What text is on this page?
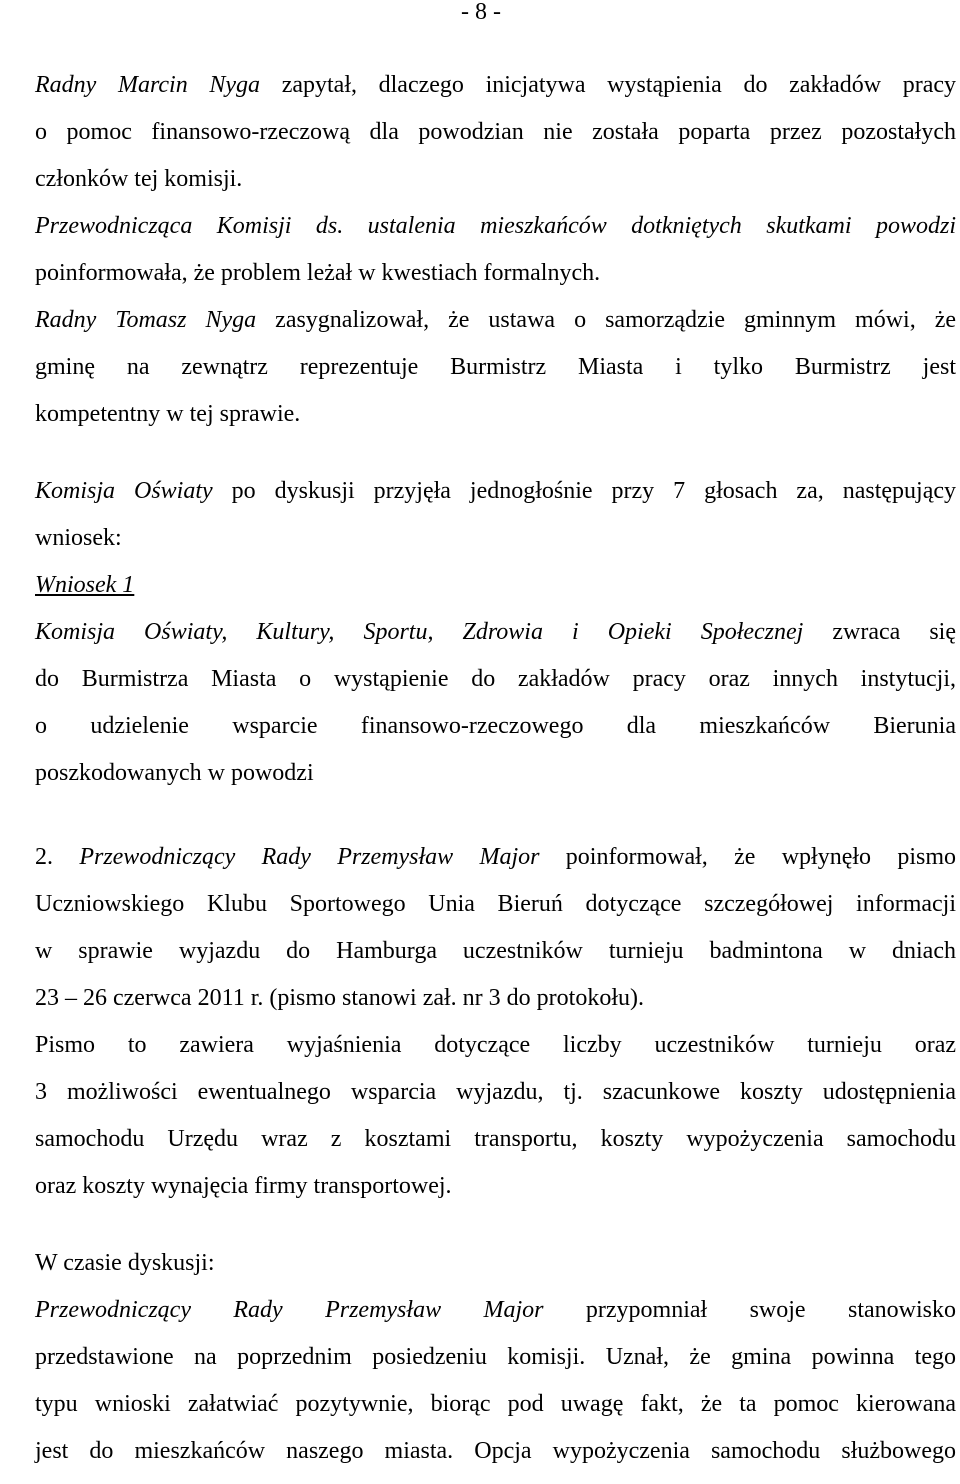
- 8 -

Radny Marcin Nyga zapytał, dlaczego inicjatywa wystąpienia do zakładów pracy

o pomoc finansowo-rzeczową dla powodzian nie została poparta przez pozostałych

członków tej komisji.

Przewodnicząca Komisji ds. ustalenia mieszkańców dotkniętych skutkami powodzi

poinformowała, że problem leżał w kwestiach formalnych.

Radny Tomasz Nyga zasygnalizował, że ustawa o samorządzie gminnym mówi, że

gminę na zewnątrz reprezentuje Burmistrz Miasta i tylko Burmistrz jest

kompetentny w tej sprawie.

Komisja Oświaty po dyskusji przyjęła jednogłośnie przy 7 głosach za, następujący

wniosek:

Wniosek 1

Komisja Oświaty, Kultury, Sportu, Zdrowia i Opieki Społecznej zwraca się

do Burmistrza Miasta o wystąpienie do zakładów pracy oraz innych instytucji,

o udzielenie wsparcie finansowo-rzeczowego dla mieszkańców Bierunia

poszkodowanych w powodzi

2. Przewodniczący Rady Przemysław Major poinformował, że wpłynęło pismo

Uczniowskiego Klubu Sportowego Unia Bieruń dotyczące szczegółowej informacji

w sprawie wyjazdu do Hamburga uczestników turnieju badmintona w dniach

23 – 26 czerwca 2011 r. (pismo stanowi zał. nr 3 do protokołu).

Pismo to zawiera wyjaśnienia dotyczące liczby uczestników turnieju oraz

3 możliwości ewentualnego wsparcia wyjazdu, tj. szacunkowe koszty udostępnienia

samochodu Urzędu wraz z kosztami transportu, koszty wypożyczenia samochodu

oraz koszty wynajęcia firmy transportowej.

W czasie dyskusji:

Przewodniczący Rady Przemysław Major przypomniał swoje stanowisko

przedstawione na poprzednim posiedzeniu komisji. Uznał, że gmina powinna tego

typu wnioski załatwiać pozytywnie, biorąc pod uwagę fakt, że ta pomoc kierowana

jest do mieszkańców naszego miasta. Opcja wypożyczenia samochodu służbowego
